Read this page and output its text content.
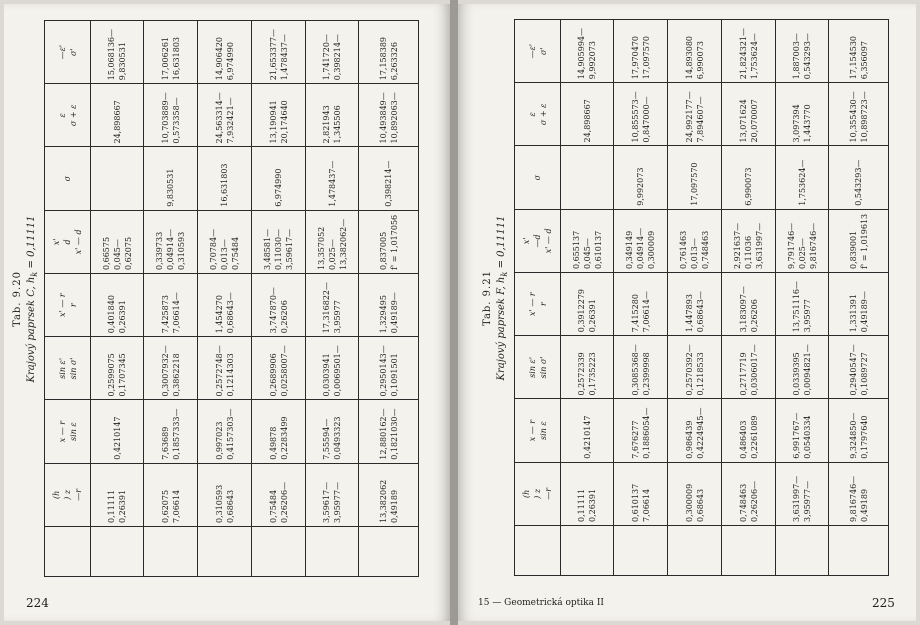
Tab. 9.20 Krajový paprsek C, $h_k = 0,11111$

	(h ) z —r	x — r sin ε	sin ε' sin σ'	x' — r r	x' d x' — d	σ	ε σ + ε	—ε' σ'

	0,11111 0,26391	0,4210147	0,2599075 0,1707345	0,401840 0,26391	0,66575 0,045— 0,62075		24,898667	15,068136— 9,830531

	0,62075 7,06614	7,63689 0,1857333—	0,3007932— 0,3862218	7,425873 7,06614—	0,339733 0,04914— 0,310593	9,830531	10,703889— 0,573358—	17,006261 16,631803

	0,310593 0,68643	0,997023 0,4157303—	0,2572748— 0,1214303	1,454270 0,68643—	0,70784— 0,013— 0,75484	16,631803	24,563314— 7,932421—	14,906420 6,974990

	0,75484 0,26206—	0,49878 0,2283499	0,2689906 0,0258007—	3,747870— 0,26206	3,48581— 0,11030— 3,59617—	6,974990	13,190941 20,174640	21,653377— 1,478437—

	3,59617— 3,95977—	7,55594— 0,0493323	0,0303941 0,0069501—	17,316822— 3,95977	13,357052 0,025— 13,382062—	1,478437—	2,821943 1,345506	1,741720— 0,398214—

	13,382062 0,49189	12,880162— 0,1821030—	0,2950143— 0,1091501	1,329495 0,49189—	0,837005 f' = 1,017056	0,398214—	10,493849— 10,892063—	17,158389 6,263326
224
Tab. 9.21 Krajový paprsek F, $h_k = 0,11111$

	(h ) z —r	x — r sin ε	sin ε' sin σ'	x' — r r	x' —d x' — d	σ	ε σ + ε	—ε' σ'

	0,11111 0,26391	0,4210147	0,2572339 0,1735223	0,3912279 0,26391	0,655137 0,045— 0,610137		24,898667	14,905994— 9,992073

	0,610137 7,06614	7,676277 0,1886054—	0,3085368— 0,2399998	7,415280 7,06614—	0,349149 0,04914— 0,300009	9,992073	10,855573— 0,847000—	17,970470 17,097570

	0,300009 0,68643	0,986439 0,4224945—	0,2570392— 0,1218533	1,447893 0,68643—	0,761463 0,013— 0,748463	17,097570	24,992177— 7,894607—	14,893080 6,990073

	0,748463 0,26206—	0,486403 0,2261089	0,2717719 0,0306017—	3,183097— 0,26206	2,921637— 0,11036 3,631997—	6,990073	13,071624 20,070007	21,824321— 1,753624—

	3,631997— 3,95977—	6,991767— 0,0540334	0,0339395 0,0094821—	13,751116— 3,95977	9,791746— 0,025— 9,816746—	1,753624—	3,097394 1,443770	1,887003— 0,543293—

	9,816746— 0,49189	9,324850— 0,1797640	0,2940547— 0,1089727	1,331391 0,49189—	0,839001 f' = 1,019613	0,543293—	10,355430— 10,898723—	17,154530 6,356097
15 — Geometrická optika II	225
